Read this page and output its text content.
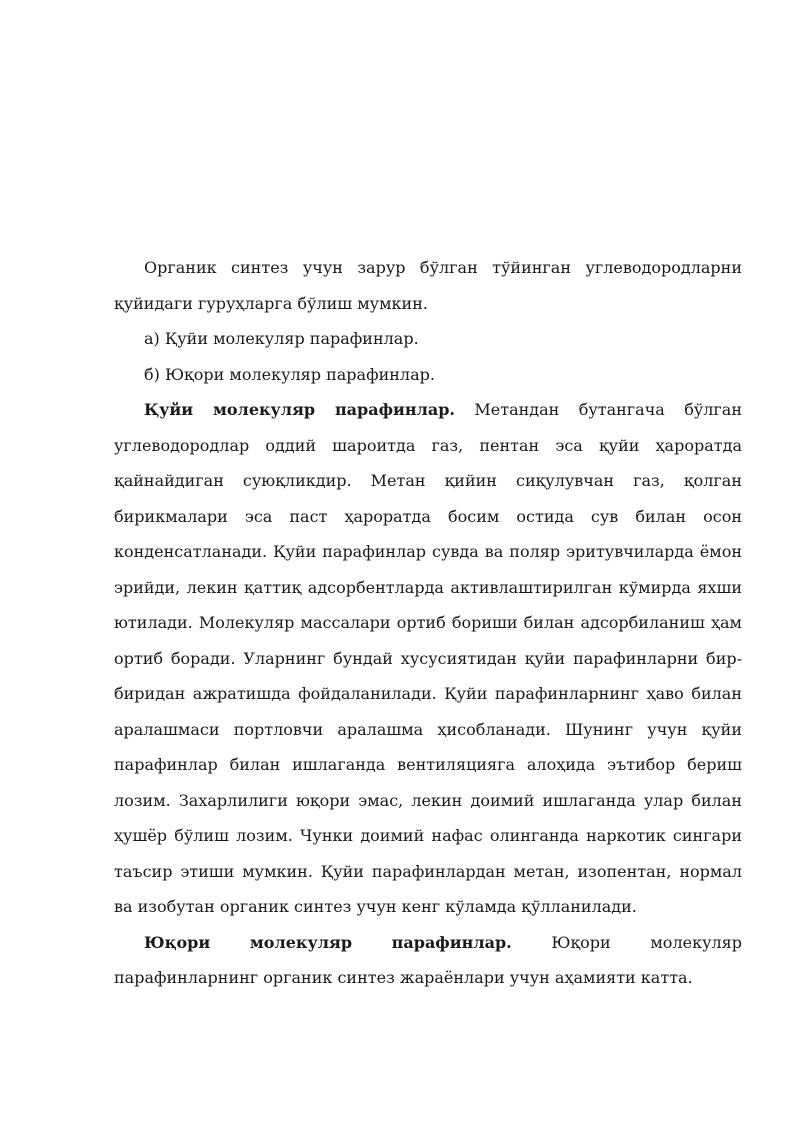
Органик синтез учун зарур бўлган тўйинган углеводородларни қуйидаги гуруҳларга бўлиш мумкин.

а) Қуйи молекуляр парафинлар.

б) Юқори молекуляр парафинлар.

Қуйи молекуляр парафинлар. Метандан бутангача бўлган углеводородлар оддий шароитда газ, пентан эса қуйи ҳароратда қайнайдиган суюқликдир. Метан қийин сиқулувчан газ, қолган бирикмалари эса паст ҳароратда босим остида сув билан осон конденсатланади. Қуйи парафинлар сувда ва поляр эритувчиларда ёмон эрийди, лекин қаттиқ адсорбентларда активлаштирилган кўмирда яхши ютилади. Молекуляр массалари ортиб бориши билан адсорбиланиш ҳам ортиб боради. Уларнинг бундай хусусиятидан қуйи парафинларни бир-биридан ажратишда фойдаланилади. Қуйи парафинларнинг ҳаво билан аралашмаси портловчи аралашма ҳисобланади. Шунинг учун қуйи парафинлар билан ишлаганда вентиляцияга алоҳида эътибор бериш лозим. Захарлилиги юқори эмас, лекин доимий ишлаганда улар билан ҳушёр бўлиш лозим. Чунки доимий нафас олинганда наркотик сингари таъсир этиши мумкин. Қуйи парафинлардан метан, изопентан, нормал ва изобутан органик синтез учун кенг кўламда қўлланилади.

Юқори молекуляр парафинлар. Юқори молекуляр

парафинларнинг органик синтез жараёнлари учун аҳамияти катта.
